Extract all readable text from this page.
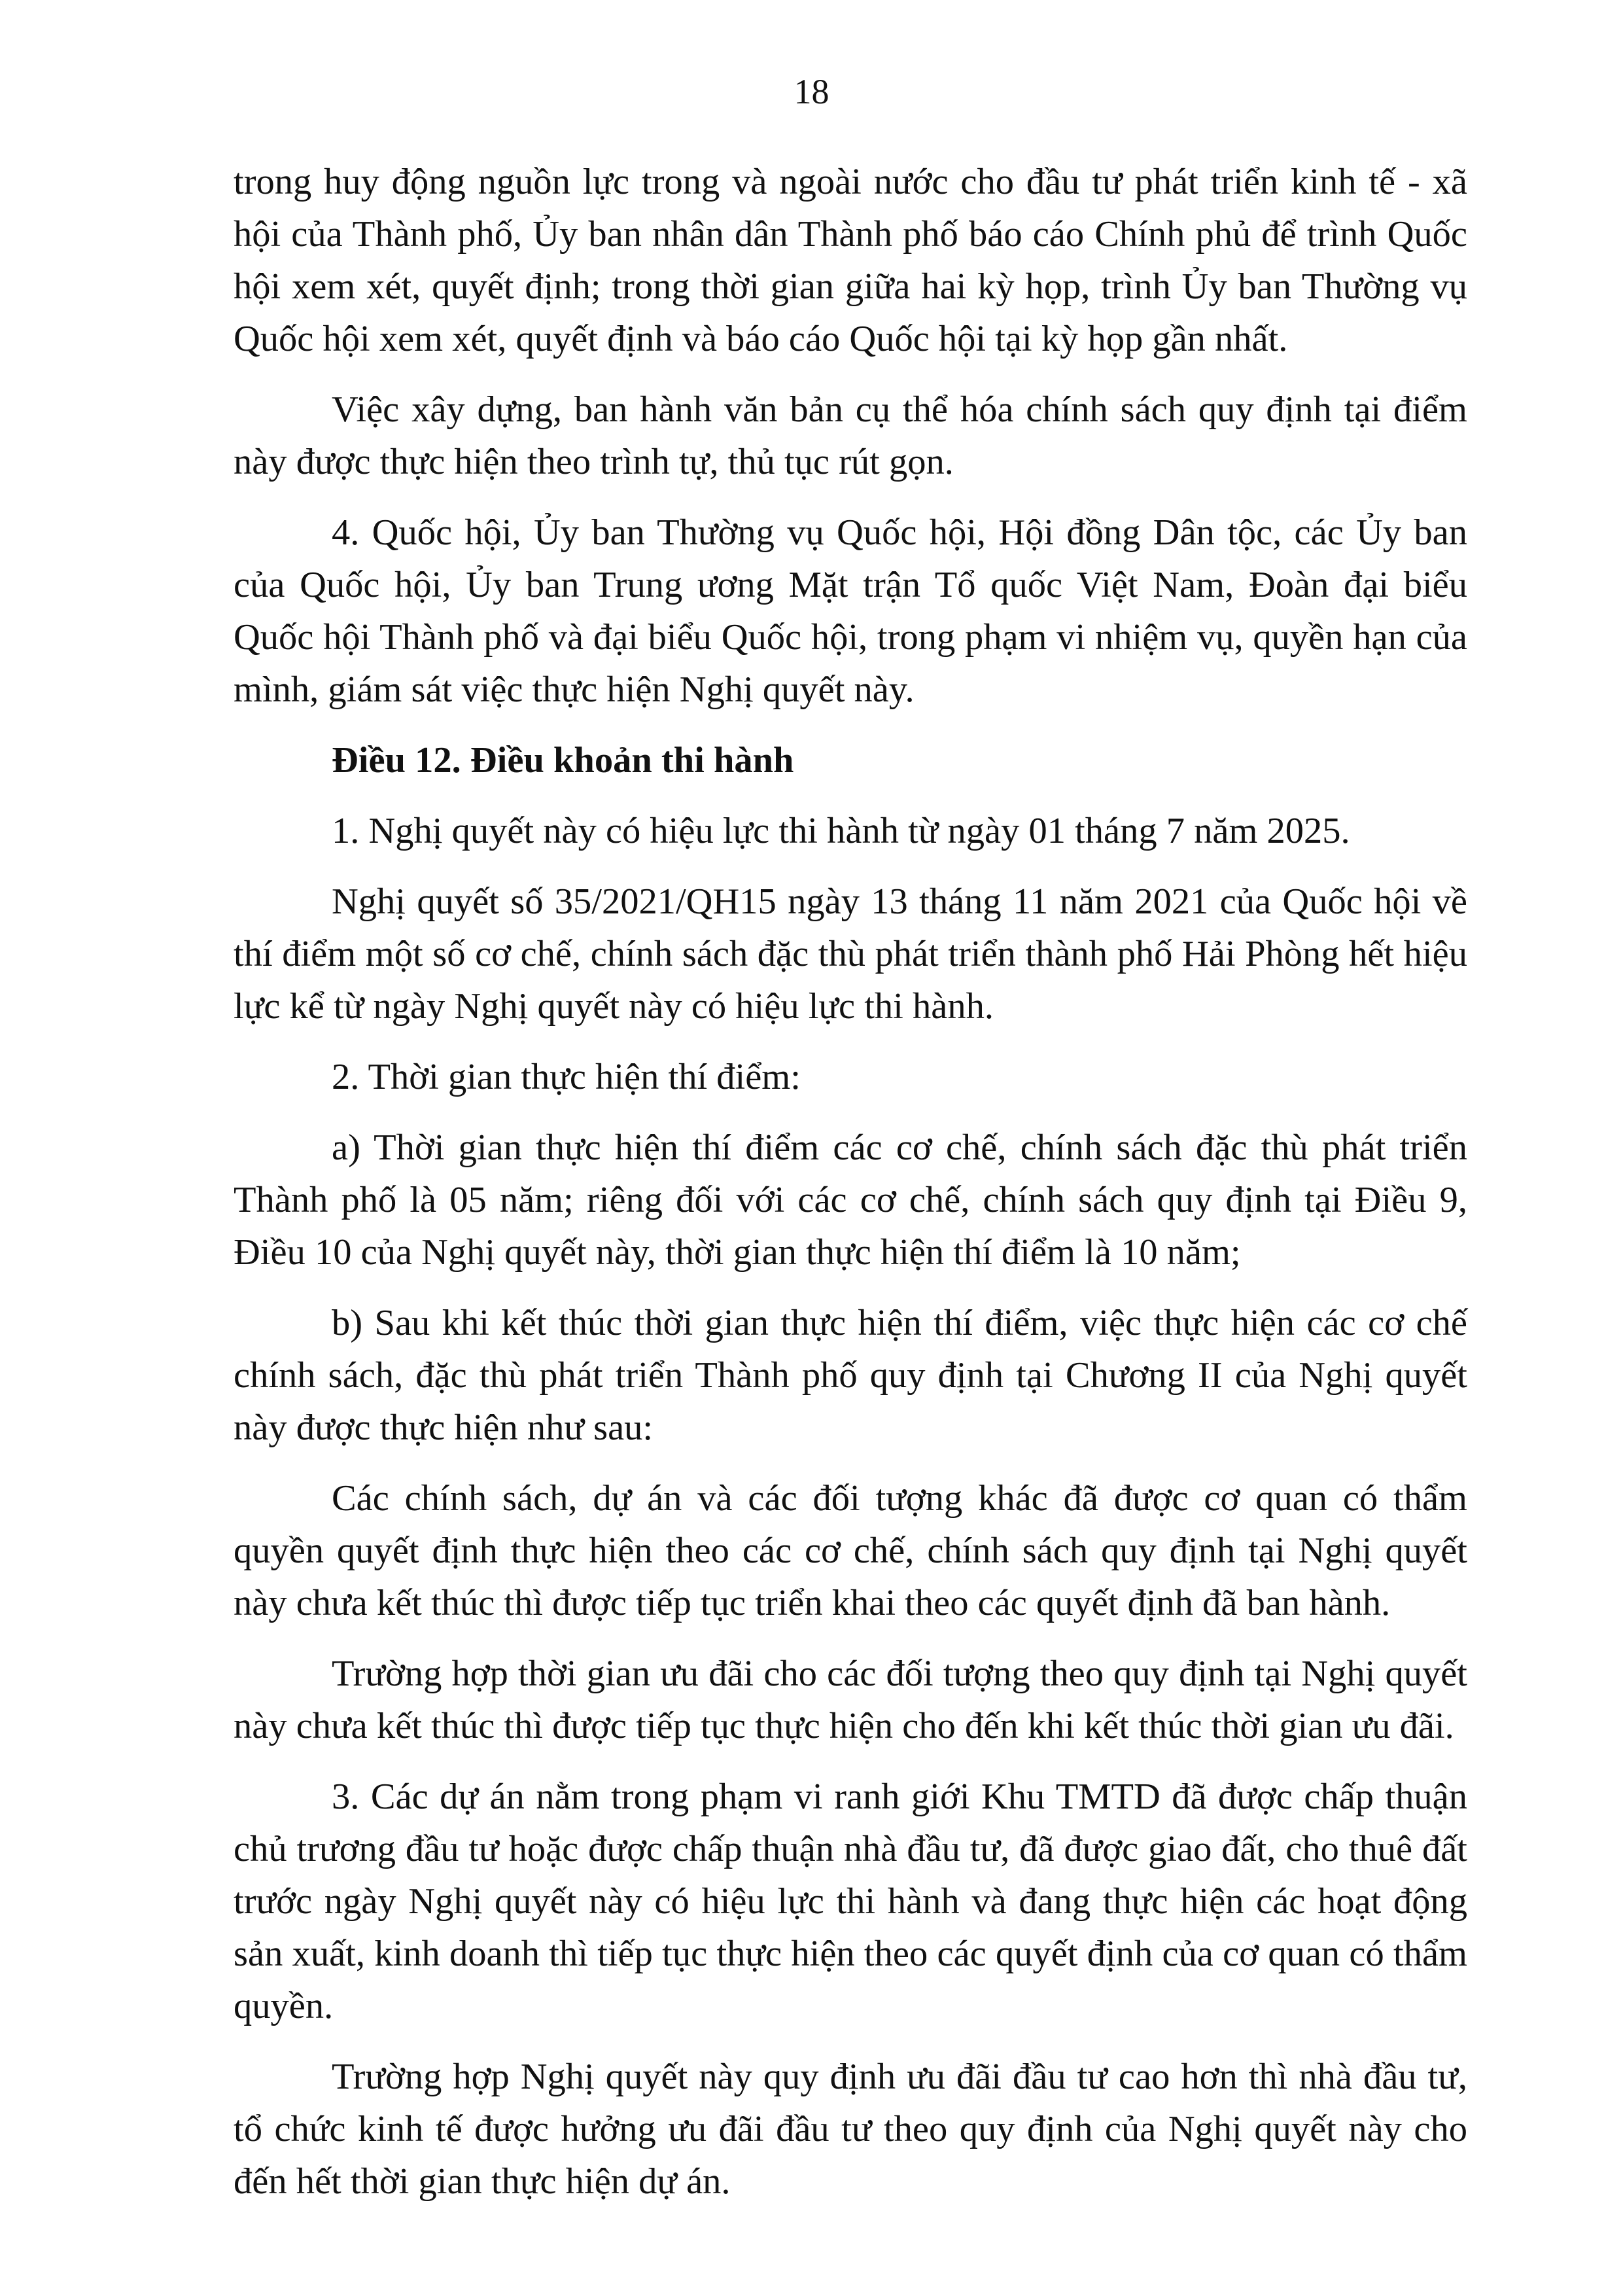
18

trong huy động nguồn lực trong và ngoài nước cho đầu tư phát triển kinh tế - xã hội của Thành phố, Ủy ban nhân dân Thành phố báo cáo Chính phủ để trình Quốc hội xem xét, quyết định; trong thời gian giữa hai kỳ họp, trình Ủy ban Thường vụ Quốc hội xem xét, quyết định và báo cáo Quốc hội tại kỳ họp gần nhất.

Việc xây dựng, ban hành văn bản cụ thể hóa chính sách quy định tại điểm này được thực hiện theo trình tự, thủ tục rút gọn.

4. Quốc hội, Ủy ban Thường vụ Quốc hội, Hội đồng Dân tộc, các Ủy ban của Quốc hội, Ủy ban Trung ương Mặt trận Tổ quốc Việt Nam, Đoàn đại biểu Quốc hội Thành phố và đại biểu Quốc hội, trong phạm vi nhiệm vụ, quyền hạn của mình, giám sát việc thực hiện Nghị quyết này.

Điều 12. Điều khoản thi hành

1. Nghị quyết này có hiệu lực thi hành từ ngày 01 tháng 7 năm 2025.

Nghị quyết số 35/2021/QH15 ngày 13 tháng 11 năm 2021 của Quốc hội về thí điểm một số cơ chế, chính sách đặc thù phát triển thành phố Hải Phòng hết hiệu lực kể từ ngày Nghị quyết này có hiệu lực thi hành.

2. Thời gian thực hiện thí điểm:

a) Thời gian thực hiện thí điểm các cơ chế, chính sách đặc thù phát triển Thành phố là 05 năm; riêng đối với các cơ chế, chính sách quy định tại Điều 9, Điều 10 của Nghị quyết này, thời gian thực hiện thí điểm là 10 năm;

b) Sau khi kết thúc thời gian thực hiện thí điểm, việc thực hiện các cơ chế chính sách, đặc thù phát triển Thành phố quy định tại Chương II của Nghị quyết này được thực hiện như sau:

Các chính sách, dự án và các đối tượng khác đã được cơ quan có thẩm quyền quyết định thực hiện theo các cơ chế, chính sách quy định tại Nghị quyết này chưa kết thúc thì được tiếp tục triển khai theo các quyết định đã ban hành.

Trường hợp thời gian ưu đãi cho các đối tượng theo quy định tại Nghị quyết này chưa kết thúc thì được tiếp tục thực hiện cho đến khi kết thúc thời gian ưu đãi.

3. Các dự án nằm trong phạm vi ranh giới Khu TMTD đã được chấp thuận chủ trương đầu tư hoặc được chấp thuận nhà đầu tư, đã được giao đất, cho thuê đất trước ngày Nghị quyết này có hiệu lực thi hành và đang thực hiện các hoạt động sản xuất, kinh doanh thì tiếp tục thực hiện theo các quyết định của cơ quan có thẩm quyền.

Trường hợp Nghị quyết này quy định ưu đãi đầu tư cao hơn thì nhà đầu tư, tổ chức kinh tế được hưởng ưu đãi đầu tư theo quy định của Nghị quyết này cho đến hết thời gian thực hiện dự án.
